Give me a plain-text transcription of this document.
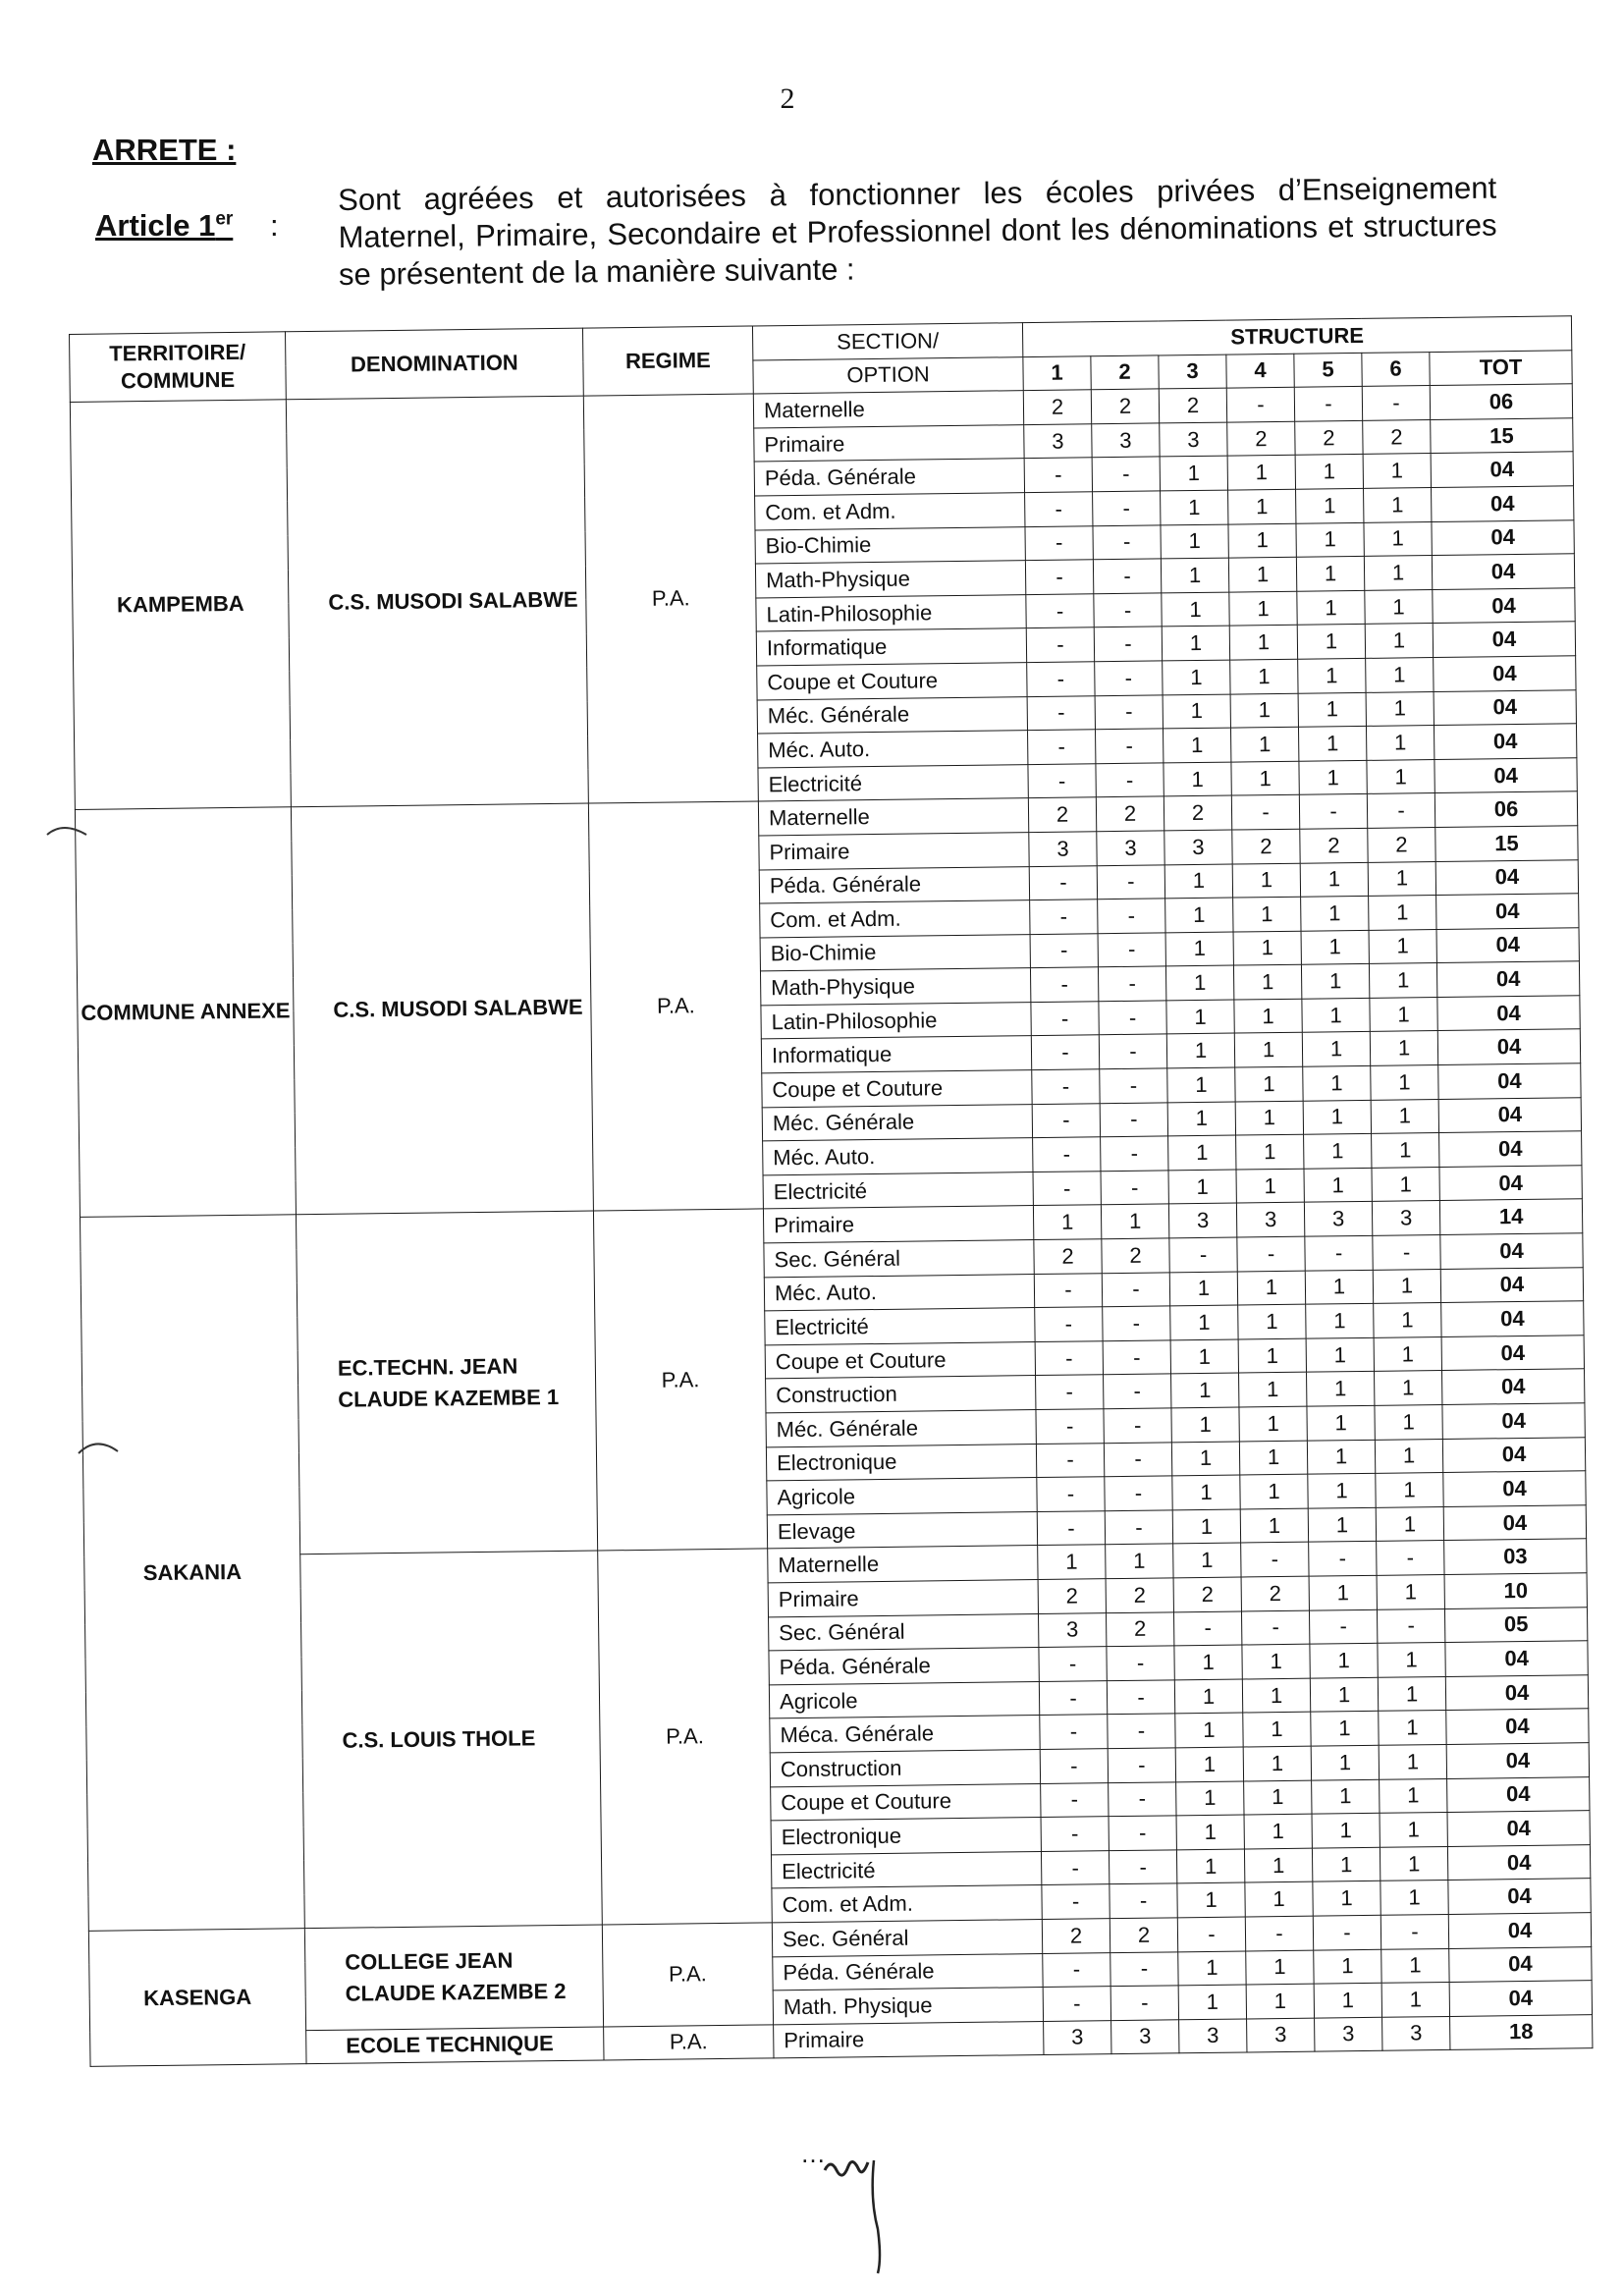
2
ARRETE :
Article 1er :
Sont agréées et autorisées à fonctionner les écoles privées d’Enseignement Maternel, Primaire, Secondaire et Professionnel dont les dénominations et structures se présentent de la manière suivante :
TERRITOIRE/ COMMUNE	DENOMINATION	REGIME	SECTION/	STRUCTURE						
			OPTION	1	2	3	4	5	6	TOT
KAMPEMBA	C.S. MUSODI SALABWE	P.A.	Maternelle	2	2	2	-	-	-	06
			Primaire	3	3	3	2	2	2	15
			Péda. Générale	-	-	1	1	1	1	04
			Com. et Adm.	-	-	1	1	1	1	04
			Bio-Chimie	-	-	1	1	1	1	04
			Math-Physique	-	-	1	1	1	1	04
			Latin-Philosophie	-	-	1	1	1	1	04
			Informatique	-	-	1	1	1	1	04
			Coupe et Couture	-	-	1	1	1	1	04
			Méc. Générale	-	-	1	1	1	1	04
			Méc. Auto.	-	-	1	1	1	1	04
			Electricité	-	-	1	1	1	1	04
COMMUNE ANNEXE	C.S. MUSODI SALABWE	P.A.	Maternelle	2	2	2	-	-	-	06
			Primaire	3	3	3	2	2	2	15
			Péda. Générale	-	-	1	1	1	1	04
			Com. et Adm.	-	-	1	1	1	1	04
			Bio-Chimie	-	-	1	1	1	1	04
			Math-Physique	-	-	1	1	1	1	04
			Latin-Philosophie	-	-	1	1	1	1	04
			Informatique	-	-	1	1	1	1	04
			Coupe et Couture	-	-	1	1	1	1	04
			Méc. Générale	-	-	1	1	1	1	04
			Méc. Auto.	-	-	1	1	1	1	04
			Electricité	-	-	1	1	1	1	04
SAKANIA	EC.TECHN. JEAN CLAUDE KAZEMBE 1	P.A.	Primaire	1	1	3	3	3	3	14
			Sec. Général	2	2	-	-	-	-	04
			Méc. Auto.	-	-	1	1	1	1	04
			Electricité	-	-	1	1	1	1	04
			Coupe et Couture	-	-	1	1	1	1	04
			Construction	-	-	1	1	1	1	04
			Méc. Générale	-	-	1	1	1	1	04
			Electronique	-	-	1	1	1	1	04
			Agricole	-	-	1	1	1	1	04
			Elevage	-	-	1	1	1	1	04
	C.S. LOUIS THOLE	P.A.	Maternelle	1	1	1	-	-	-	03
			Primaire	2	2	2	2	1	1	10
			Sec. Général	3	2	-	-	-	-	05
			Péda. Générale	-	-	1	1	1	1	04
			Agricole	-	-	1	1	1	1	04
			Méca. Générale	-	-	1	1	1	1	04
			Construction	-	-	1	1	1	1	04
			Coupe et Couture	-	-	1	1	1	1	04
			Electronique	-	-	1	1	1	1	04
			Electricité	-	-	1	1	1	1	04
			Com. et Adm.	-	-	1	1	1	1	04
KASENGA	COLLEGE JEAN CLAUDE KAZEMBE 2	P.A.	Sec. Général	2	2	-	-	-	-	04
			Péda. Générale	-	-	1	1	1	1	04
			Math. Physique	-	-	1	1	1	1	04
	ECOLE TECHNIQUE	P.A.	Primaire	3	3	3	3	3	3	18
…
